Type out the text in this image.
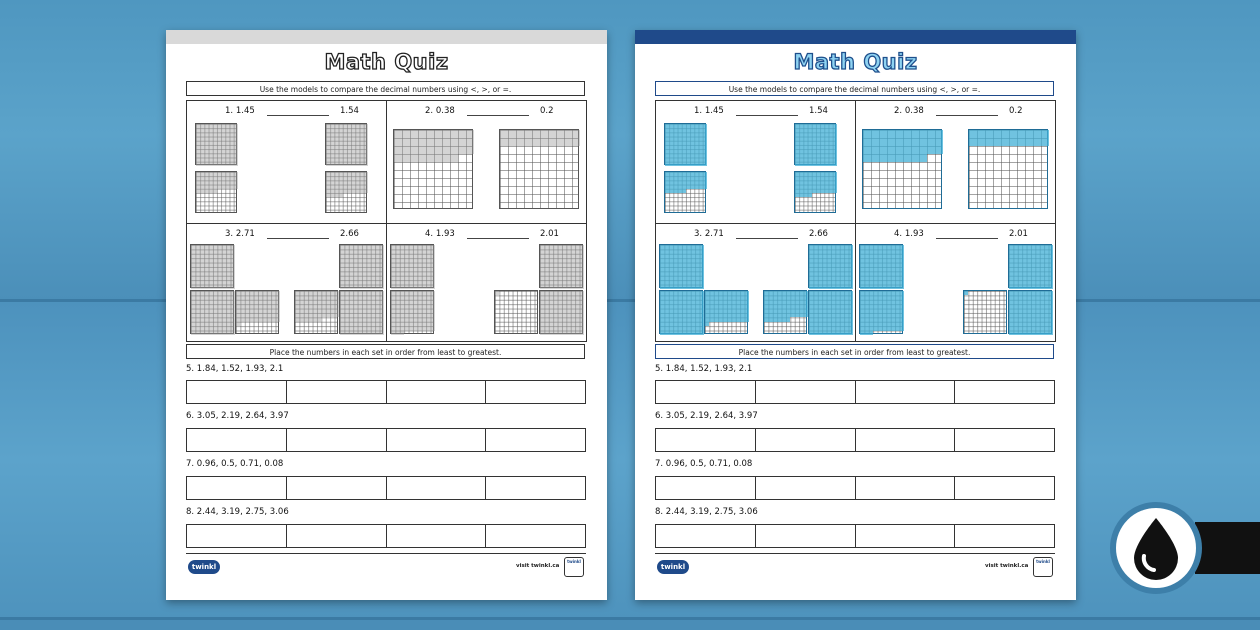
Math Quiz
Use the models to compare the decimal numbers using <, >, or =.
1. 1.45	1.54	2. 0.38	0.2
3. 2.71	2.66	4. 1.93	2.01
Place the numbers in each set in order from least to greatest.
5. 1.84, 1.52, 1.93, 2.1
6. 3.05, 2.19, 2.64, 3.97
7. 0.96, 0.5, 0.71, 0.08
8. 2.44, 3.19, 2.75, 3.06
twinkl	visit twinkl.ca
twinkl
Math Quiz
Use the models to compare the decimal numbers using <, >, or =.
1. 1.45	1.54	2. 0.38	0.2
3. 2.71	2.66	4. 1.93	2.01
Place the numbers in each set in order from least to greatest.
5. 1.84, 1.52, 1.93, 2.1
6. 3.05, 2.19, 2.64, 3.97
7. 0.96, 0.5, 0.71, 0.08
8. 2.44, 3.19, 2.75, 3.06
twinkl	visit twinkl.ca
twinkl
